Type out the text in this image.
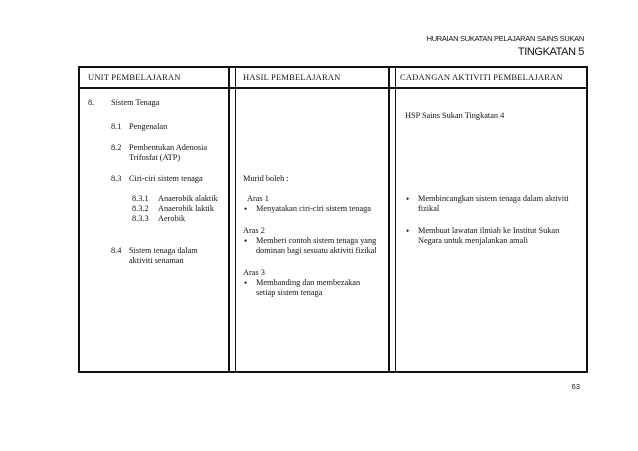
HURAIAN SUKATAN PELAJARAN SAINS SUKAN
TINGKATAN 5
UNIT PEMBELAJARAN	HASIL PEMBELAJARAN	CADANGAN AKTIVITI PEMBELAJARAN
8. Sistem Tenaga
8.1 Pengenalan
8.2 Pembentukan Adenosia
Trifosfat (ATP)
8.3 Ciri-ciri sistem tenaga
8.3.1 Anaerobik alaktik
8.3.2 Anaerobik laktik
8.3.3 Aerobik
8.4 Sistem tenaga dalam
aktiviti senaman
Murid boleh :
Aras 1
• Menyatakan ciri-ciri sistem tenaga
Aras 2
• Memberi contoh sistem tenaga yang
dominan bagi sesuatu aktiviti fizikal
Aras 3
• Membanding dan membezakan
setiap sistem tenaga
HSP Sains Sukan Tingkatan 4
• Membincangkan sistem tenaga dalam aktiviti
fizikal
• Membuat lawatan ilmiah ke Institut Sukan
Negara untuk menjalankan amali
63
